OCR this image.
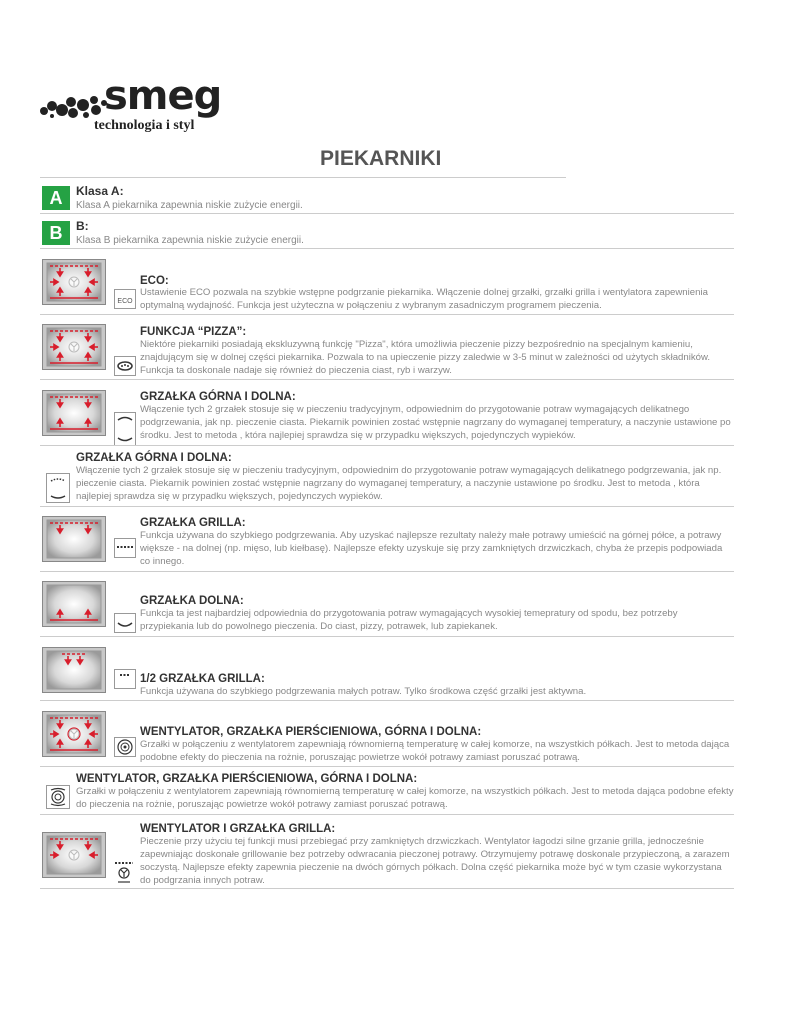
smeg
technologia i styl
PIEKARNIKI
A	Klasa A:
Klasa A piekarnika zapewnia niskie zużycie energii.
B	B:
Klasa B piekarnika zapewnia niskie zużycie energii.
ECO
ECO:
Ustawienie ECO pozwala na szybkie wstępne podgrzanie piekarnika. Włączenie dolnej grzałki, grzałki grilla i wentylatora zapewnienia optymalną wydajność. Funkcja jest użyteczna w połączeniu z wybranym zasadniczym programem pieczenia.
FUNKCJA “PIZZA”:
Niektóre piekarniki posiadają ekskluzywną funkcję "Pizza", która umożliwia pieczenie pizzy bezpośrednio na specjalnym kamieniu, znajdującym się w dolnej części piekarnika. Pozwala to na upieczenie pizzy zaledwie w 3-5 minut w zależności od użytych składników. Funkcja ta doskonale nadaje się również do pieczenia ciast, ryb i warzyw.
GRZAŁKA GÓRNA I DOLNA:
Włączenie tych 2 grzałek stosuje się w pieczeniu tradycyjnym, odpowiednim do przygotowanie potraw wymagających delikatnego podgrzewania, jak np. pieczenie ciasta. Piekarnik powinien zostać wstępnie nagrzany do wymaganej temperatury, a naczynie ustawione po środku. Jest to metoda , która najlepiej sprawdza się w przypadku większych, pojedynczych wypieków.
GRZAŁKA GÓRNA I DOLNA:
Włączenie tych 2 grzałek stosuje się w pieczeniu tradycyjnym, odpowiednim do przygotowanie potraw wymagających delikatnego podgrzewania, jak np. pieczenie ciasta. Piekarnik powinien zostać wstępnie nagrzany do wymaganej temperatury, a naczynie ustawione po środku. Jest to metoda , która najlepiej sprawdza się w przypadku większych, pojedynczych wypieków.
GRZAŁKA GRILLA:
Funkcja używana do szybkiego podgrzewania. Aby uzyskać najlepsze rezultaty należy małe potrawy umieścić na górnej półce, a potrawy większe - na dolnej (np. mięso, lub kiełbasę). Najlepsze efekty uzyskuje się przy zamkniętych drzwiczkach, chyba że przepis podpowiada co innego.
GRZAŁKA DOLNA:
Funkcja ta jest najbardziej odpowiednia do przygotowania potraw wymagających wysokiej temepratury od spodu, bez potrzeby przypiekania lub do powolnego pieczenia. Do ciast, pizzy, potrawek, lub zapiekanek.
1/2 GRZAŁKA GRILLA:
Funkcja używana do szybkiego podgrzewania małych potraw. Tylko środkowa część grzałki jest aktywna.
WENTYLATOR, GRZAŁKA PIERŚCIENIOWA, GÓRNA I DOLNA:
Grzałki w połączeniu z wentylatorem zapewniają równomierną temperaturę w całej komorze, na wszystkich półkach. Jest to metoda dająca podobne efekty do pieczenia na rożnie, poruszając powietrze wokół potrawy zamiast poruszać potrawą.
WENTYLATOR, GRZAŁKA PIERŚCIENIOWA, GÓRNA I DOLNA:
Grzałki w połączeniu z wentylatorem zapewniają równomierną temperaturę w całej komorze, na wszystkich półkach. Jest to metoda dająca podobne efekty do pieczenia na rożnie, poruszając powietrze wokół potrawy zamiast poruszać potrawą.
WENTYLATOR I GRZAŁKA GRILLA:
Pieczenie przy użyciu tej funkcji musi przebiegać przy zamkniętych drzwiczkach. Wentylator łagodzi silne grzanie grilla, jednocześnie zapewniając doskonałe grillowanie bez potrzeby odwracania pieczonej potrawy. Otrzymujemy potrawę doskonale przypieczoną, a zarazem soczystą. Najlepsze efekty zapewnia pieczenie na dwóch górnych półkach. Dolna część piekarnika może być w tym czasie wykorzystana do podgrzania innych potraw.
